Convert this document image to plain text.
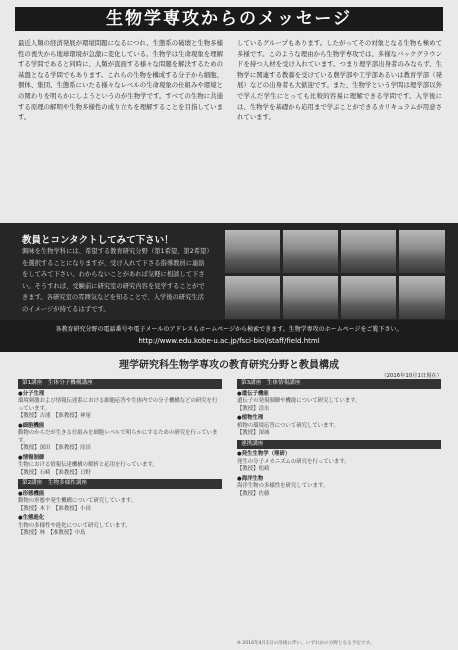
生物学専攻からのメッセージ
最近人類の経済発展が環境問題になるにつれ、生態系の破壊と生物多様性の喪失から地球環境が急激に変化している。生物学は生命現象を理解する学問であると同時に、人類が直面する様々な問題を解決するための基盤となる学問でもあります。これらの生物を構成する分子から細胞、個体、集団、生態系にいたる様々なレベルの生命現象の仕組みや環境との関わりを明らかにしようというのが生物学です。すべての生物に共通する原理の解明や生物多様性の成り立ちを理解することを目指しています。
しているグループもあります。したがってその対象となる生物も極めて多様です。このような理由から生物学専攻では、多様なバックグラウンドを持つ人材を受け入れています。つまり理学部出身者のみならず、生物学に関連する教養を受けている農学部や工学部あるいは教育学部（発展）などの出身者も大歓迎です。また、生物学という学問は理学部以外で学んだ学生にとっても比較的容易に理解できる学問です。入学後には、生物学を基礎から応用まで学ぶことができるカリキュラムが用意されています。
教員とコンタクトしてみて下さい！
興味を生物学科には、希望する教育研究分野（第1希望、第2希望）を選択することになりますが、受け入れて下さる指導教員に連絡をしてみて下さい。わからないことがあれば気軽に相談して下さい。そうすれば、受験前に研究室の研究内容を見学することができます。各研究室の雰囲気などを知ることで、入学後の研究生活のイメージが持てるはずです。
各教育研究分野の電話番号や電子メールのアドレスもホームページから検索できます。生物学専攻のホームページをご覧下さい。
http://www.edu.kobe-u.ac.jp/fsci-biol/staff/field.html
理学研究科生物学専攻の教育研究分野と教員構成
（2016年10月1日現在）
第1講座　生体分子機構講座
●分子生理
環境刺激および情報伝達系における細胞応答や生体内での分子機構などの研究を行っています。
【教授】吉浦　【准教授】神尾
●細胞機能
動物のからだが生きる仕組みを細胞レベルで明らかにするための研究を行っています。
【教授】深田　【准教授】窪田
●情報制御
生物における情報伝達機構の解析と応用を行っています。
【教授】石崎　【准教授】日野
第2講座　生物多様性講座
●形態機能
動物の形態や発生機構について研究しています。
【教授】木下　【准教授】小田
●生態進化
生物の多様性や進化について研究しています。
【教授】林　【准教授】中島
第3講座　生体情報講座
●遺伝子機能
遺伝子の発現制御や機能について研究しています。
【教授】清水
●植物生理
植物の環境応答について研究しています。
【教授】深城
連携講座
●発生生物学（理研）
発生の分子メカニズムの研究を行っています。
【教授】松崎
●海洋生物
海洋生物の多様性を研究しています。
【教授】佐藤
※ 2016年4月1日の改組に伴い、いずれかの分野となる予定です。
